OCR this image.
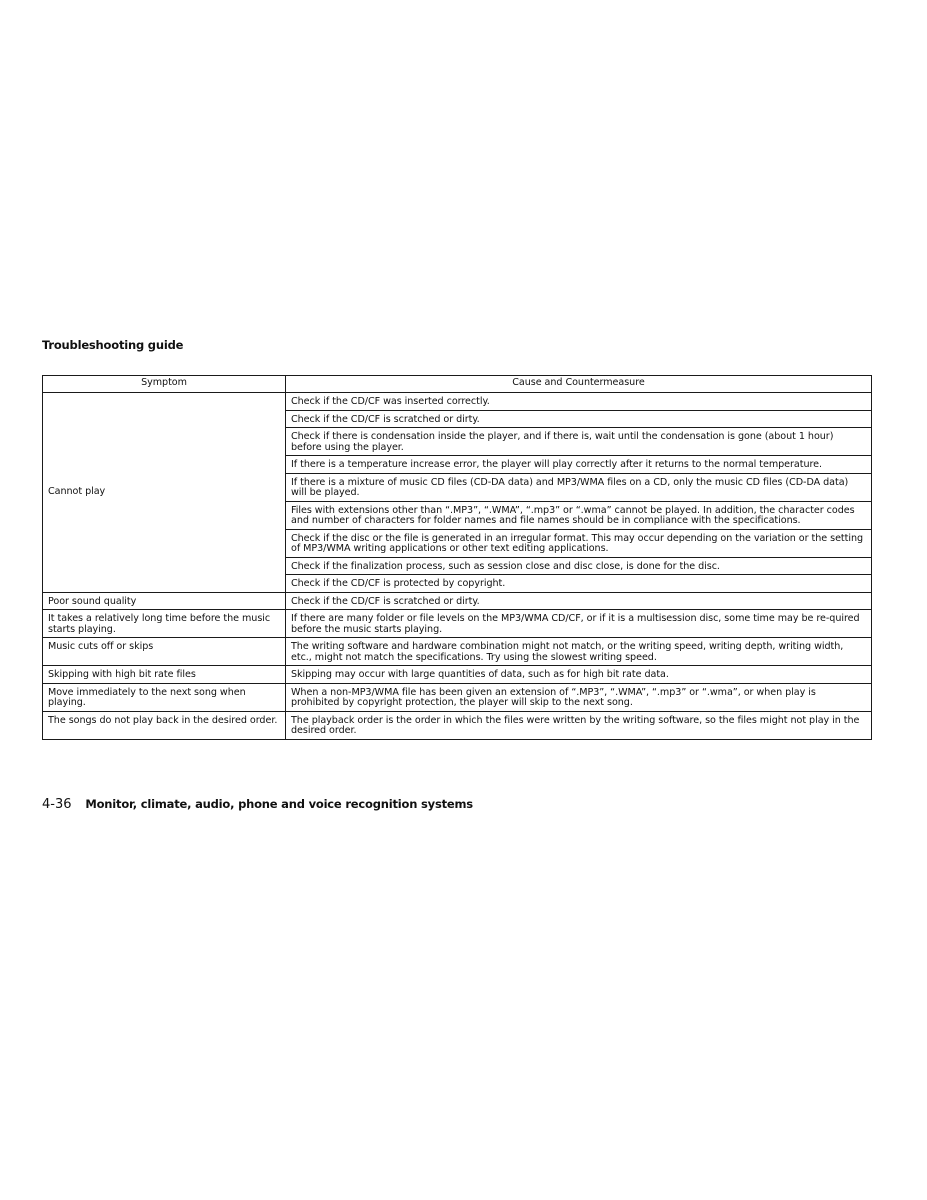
Troubleshooting guide
Symptom	Cause and Countermeasure
Cannot play	Check if the CD/CF was inserted correctly.
	Check if the CD/CF is scratched or dirty.
	Check if there is condensation inside the player, and if there is, wait until the condensation is gone (about 1 hour) before using the player.
	If there is a temperature increase error, the player will play correctly after it returns to the normal temperature.
	If there is a mixture of music CD files (CD-DA data) and MP3/WMA files on a CD, only the music CD files (CD-DA data) will be played.
	Files with extensions other than “.MP3”, “.WMA”, “.mp3” or “.wma” cannot be played. In addition, the character codes and number of characters for folder names and file names should be in compliance with the specifications.
	Check if the disc or the file is generated in an irregular format. This may occur depending on the variation or the setting of MP3/WMA writing applications or other text editing applications.
	Check if the finalization process, such as session close and disc close, is done for the disc.
	Check if the CD/CF is protected by copyright.
Poor sound quality	Check if the CD/CF is scratched or dirty.
It takes a relatively long time before the music starts playing.	If there are many folder or file levels on the MP3/WMA CD/CF, or if it is a multisession disc, some time may be re-quired before the music starts playing.
Music cuts off or skips	The writing software and hardware combination might not match, or the writing speed, writing depth, writing width, etc., might not match the specifications. Try using the slowest writing speed.
Skipping with high bit rate files	Skipping may occur with large quantities of data, such as for high bit rate data.
Move immediately to the next song when playing.	When a non-MP3/WMA file has been given an extension of “.MP3”, “.WMA”, “.mp3” or “.wma”, or when play is prohibited by copyright protection, the player will skip to the next song.
The songs do not play back in the desired order.	The playback order is the order in which the files were written by the writing software, so the files might not play in the desired order.
4-36 Monitor, climate, audio, phone and voice recognition systems
